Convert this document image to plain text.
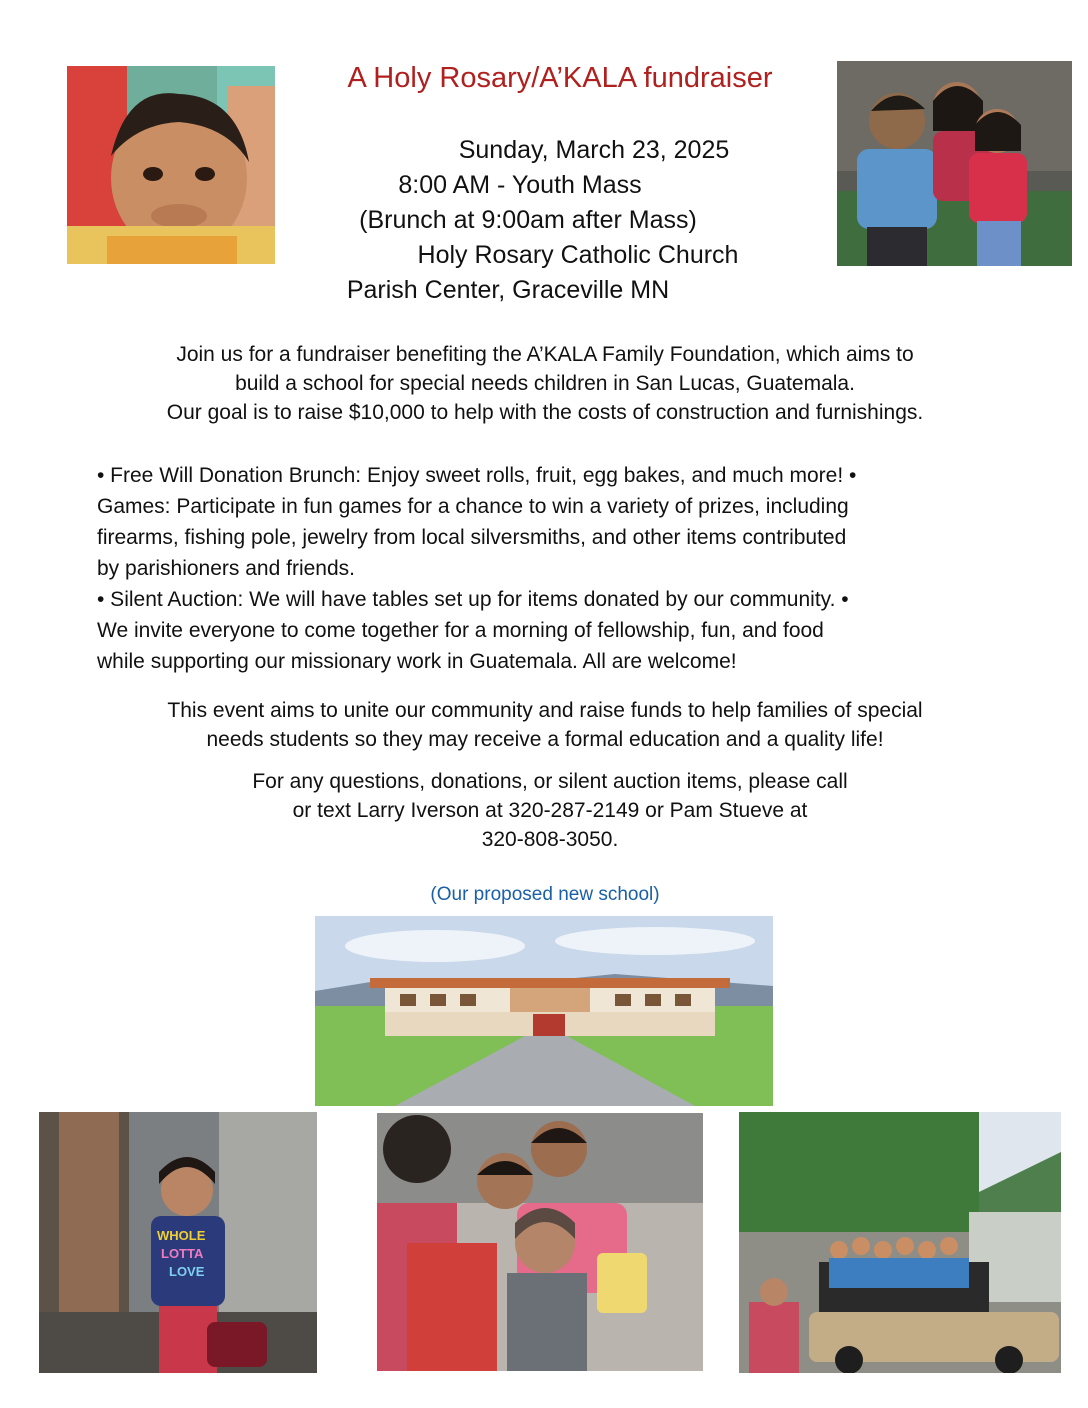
A Holy Rosary/A’KALA fundraiser
Sunday, March 23, 2025
8:00 AM - Youth Mass
(Brunch at 9:00am after Mass)
Holy Rosary Catholic Church
Parish Center, Graceville MN
Join us for a fundraiser benefiting the A’KALA Family Foundation, which aims to
build a school for special needs children in San Lucas, Guatemala.
Our goal is to raise $10,000 to help with the costs of construction and furnishings.

• Free Will Donation Brunch: Enjoy sweet rolls, fruit, egg bakes, and much more! •

Games: Participate in fun games for a chance to win a variety of prizes, including

firearms, fishing pole, jewelry from local silversmiths, and other items contributed

by parishioners and friends.

• Silent Auction: We will have tables set up for items donated by our community. •

We invite everyone to come together for a morning of fellowship, fun, and food

while supporting our missionary work in Guatemala. All are welcome!

This event aims to unite our community and raise funds to help families of special
needs students so they may receive a formal education and a quality life!
For any questions, donations, or silent auction items, please call
or text Larry Iverson at 320-287-2149 or Pam Stueve at
320-808-3050.
(Our proposed new school)
WHOLE
LOTTA
LOVE
